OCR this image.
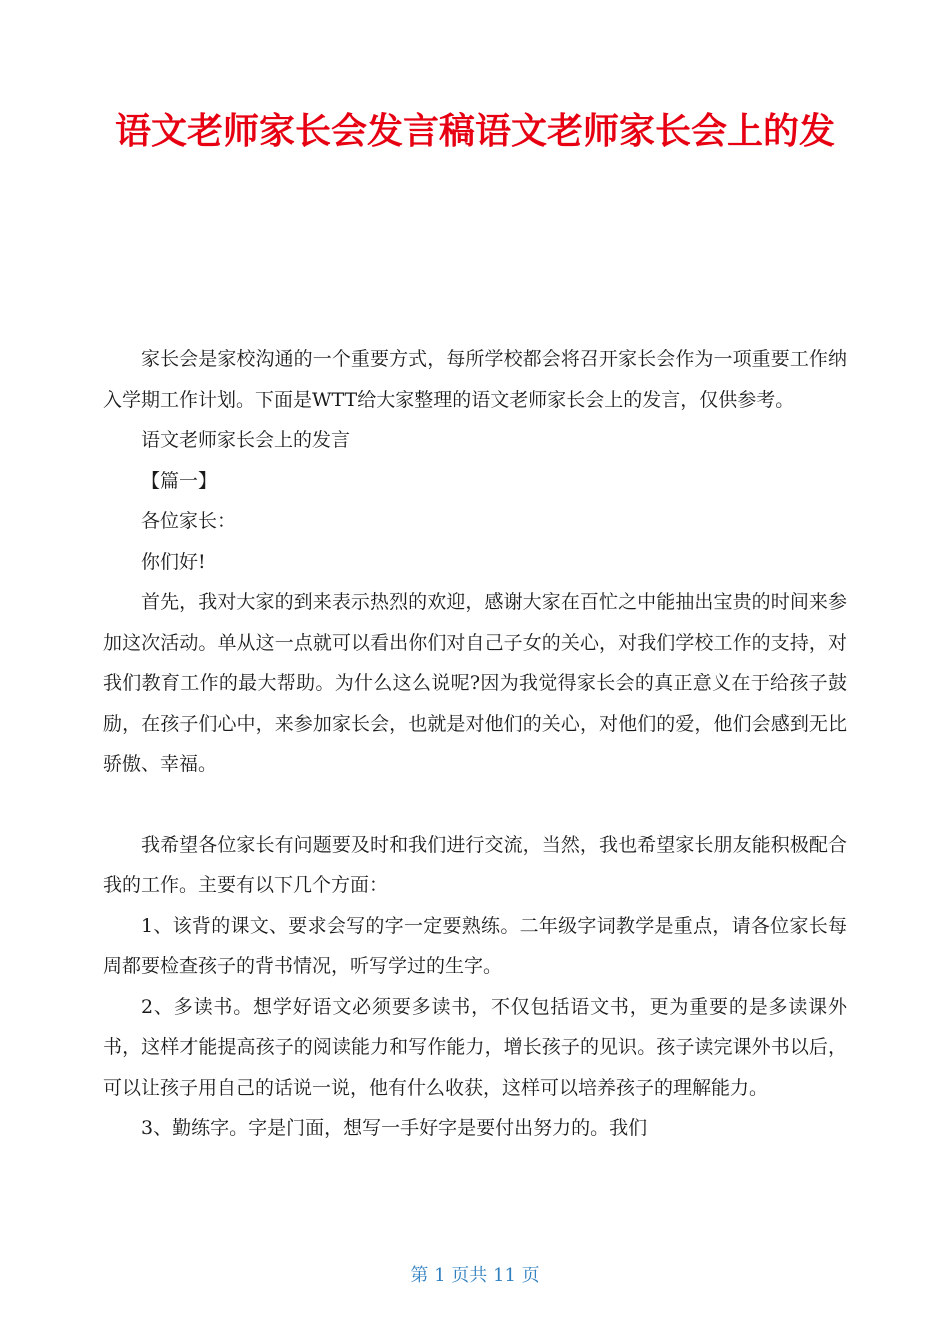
语文老师家长会发言稿语文老师家长会上的发

家长会是家校沟通的一个重要方式，每所学校都会将召开家长会作为一项重要工作纳入学期工作计划。下面是WTT给大家整理的语文老师家长会上的发言，仅供参考。

语文老师家长会上的发言

【篇一】

各位家长：

你们好!

首先，我对大家的到来表示热烈的欢迎，感谢大家在百忙之中能抽出宝贵的时间来参加这次活动。单从这一点就可以看出你们对自己子女的关心，对我们学校工作的支持，对我们教育工作的最大帮助。为什么这么说呢?因为我觉得家长会的真正意义在于给孩子鼓励，在孩子们心中，来参加家长会，也就是对他们的关心，对他们的爱，他们会感到无比骄傲、幸福。

我希望各位家长有问题要及时和我们进行交流，当然，我也希望家长朋友能积极配合我的工作。主要有以下几个方面：

1、该背的课文、要求会写的字一定要熟练。二年级字词教学是重点，请各位家长每周都要检查孩子的背书情况，听写学过的生字。

2、多读书。想学好语文必须要多读书，不仅包括语文书，更为重要的是多读课外书，这样才能提高孩子的阅读能力和写作能力，增长孩子的见识。孩子读完课外书以后，可以让孩子用自己的话说一说，他有什么收获，这样可以培养孩子的理解能力。

3、勤练字。字是门面，想写一手好字是要付出努力的。我们

第 1 页共 11 页
